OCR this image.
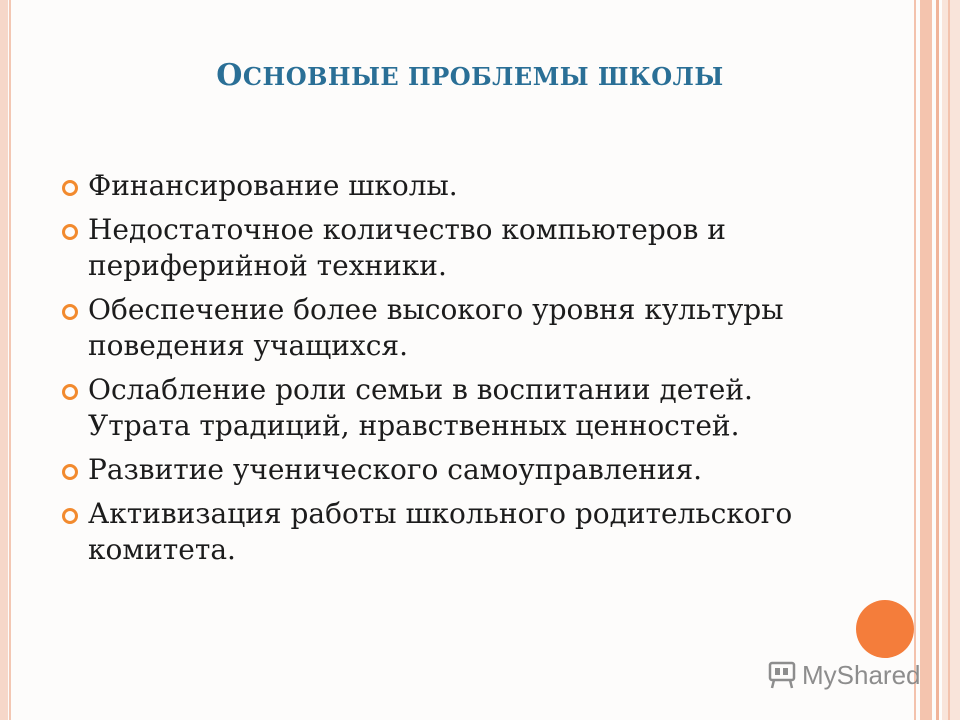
ОСНОВНЫЕ ПРОБЛЕМЫ ШКОЛЫ
Финансирование школы.
Недостаточное количество компьютеров и периферийной техники.
Обеспечение более высокого уровня культуры поведения учащихся.
Ослабление роли семьи в воспитании детей. Утрата традиций, нравственных ценностей.
Развитие ученического самоуправления.
Активизация работы школьного родительского комитета.
MyShared
